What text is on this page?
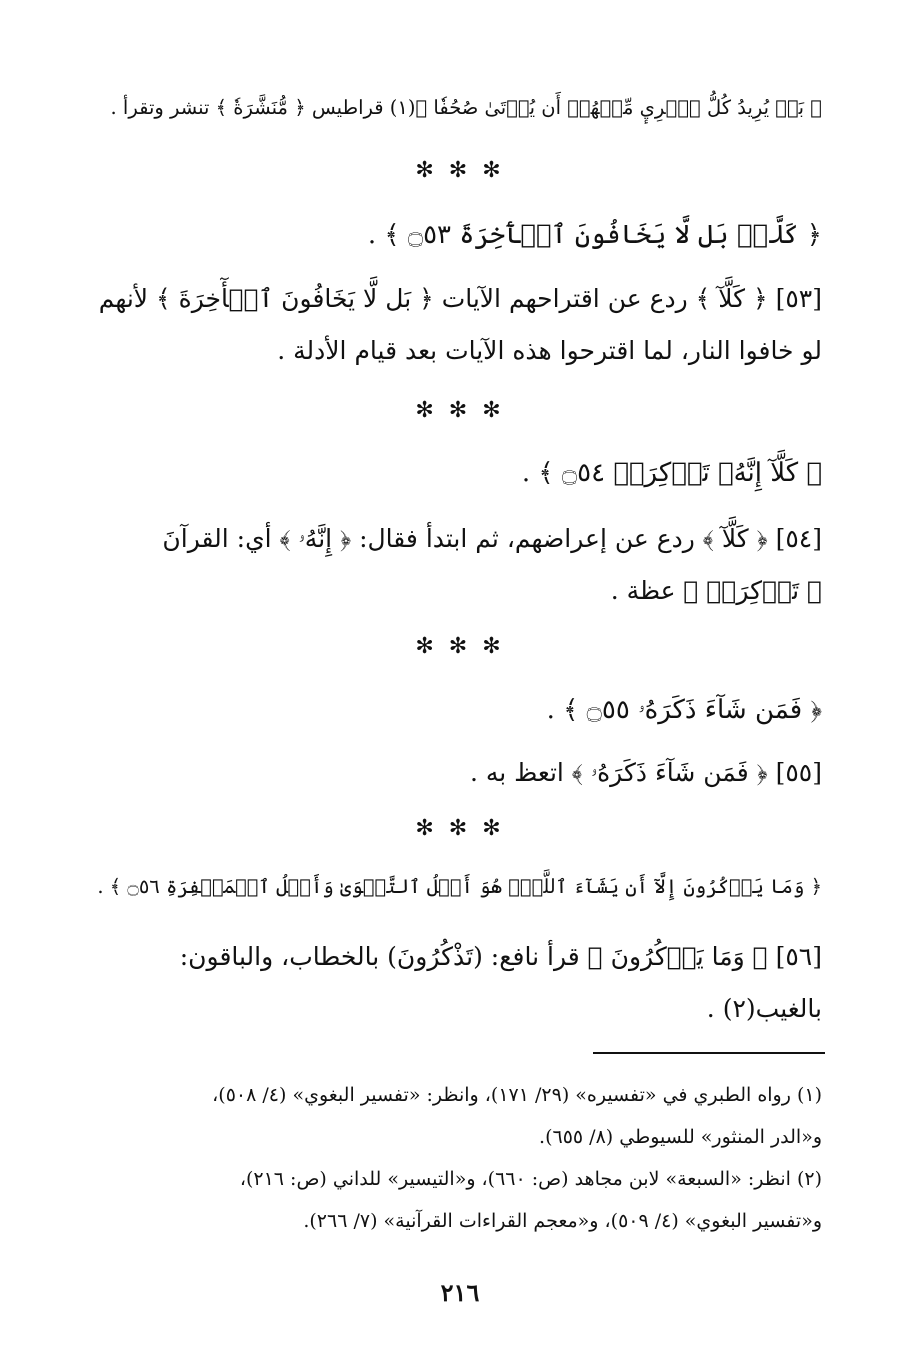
﴿ بَلۡ يُرِيدُ كُلُّ ٱمۡرِيٕ مِّنۡهُمۡ أَن يُؤۡتَىٰ صُحُفٗا ﴾(١) قراطيس ﴿ مُّنَشَّرَةٗ ﴾ تنشر وتقرأ .
✻ ✻ ✻
﴿ كَلَّاۖ بَل لَّا يَخَافُونَ ٱلۡأٓخِرَةَ ۝٥٣ ﴾ .
[٥٣] ﴿ كَلَّآ ﴾ ردع عن اقتراحهم الآيات ﴿ بَل لَّا يَخَافُونَ ٱلۡأٓخِرَةَ ﴾ لأنهم
لو خافوا النار، لما اقترحوا هذه الآيات بعد قيام الأدلة .
✻ ✻ ✻
﴿ كَلَّآ إِنَّهُۥ تَذۡكِرَةٞ ۝٥٤ ﴾ .
[٥٤] ﴿ كَلَّآ ﴾ ردع عن إعراضهم، ثم ابتدأ فقال: ﴿ إِنَّهُۥ ﴾ أي: القرآنَ
﴿ تَذۡكِرَةٞ ﴾ عظة .
✻ ✻ ✻
﴿ فَمَن شَآءَ ذَكَرَهُۥ ۝٥٥ ﴾ .
[٥٥] ﴿ فَمَن شَآءَ ذَكَرَهُۥ ﴾ اتعظ به .
✻ ✻ ✻
﴿ وَمَا يَذۡكُرُونَ إِلَّآ أَن يَشَآءَ ٱللَّهُۚ هُوَ أَهۡلُ ٱلتَّقۡوَىٰ وَأَهۡلُ ٱلۡمَغۡفِرَةِ ۝٥٦ ﴾ .
[٥٦] ﴿ وَمَا يَذۡكُرُونَ ﴾ قرأ نافع: (تَذْكُرُونَ) بالخطاب، والباقون:
بالغيب(٢) .
(١) رواه الطبري في «تفسيره» (٢٩/ ١٧١)، وانظر: «تفسير البغوي» (٤/ ٥٠٨)،
و«الدر المنثور» للسيوطي (٨/ ٦٥٥).
(٢) انظر: «السبعة» لابن مجاهد (ص: ٦٦٠)، و«التيسير» للداني (ص: ٢١٦)،
و«تفسير البغوي» (٤/ ٥٠٩)، و«معجم القراءات القرآنية» (٧/ ٢٦٦).
٢١٦
